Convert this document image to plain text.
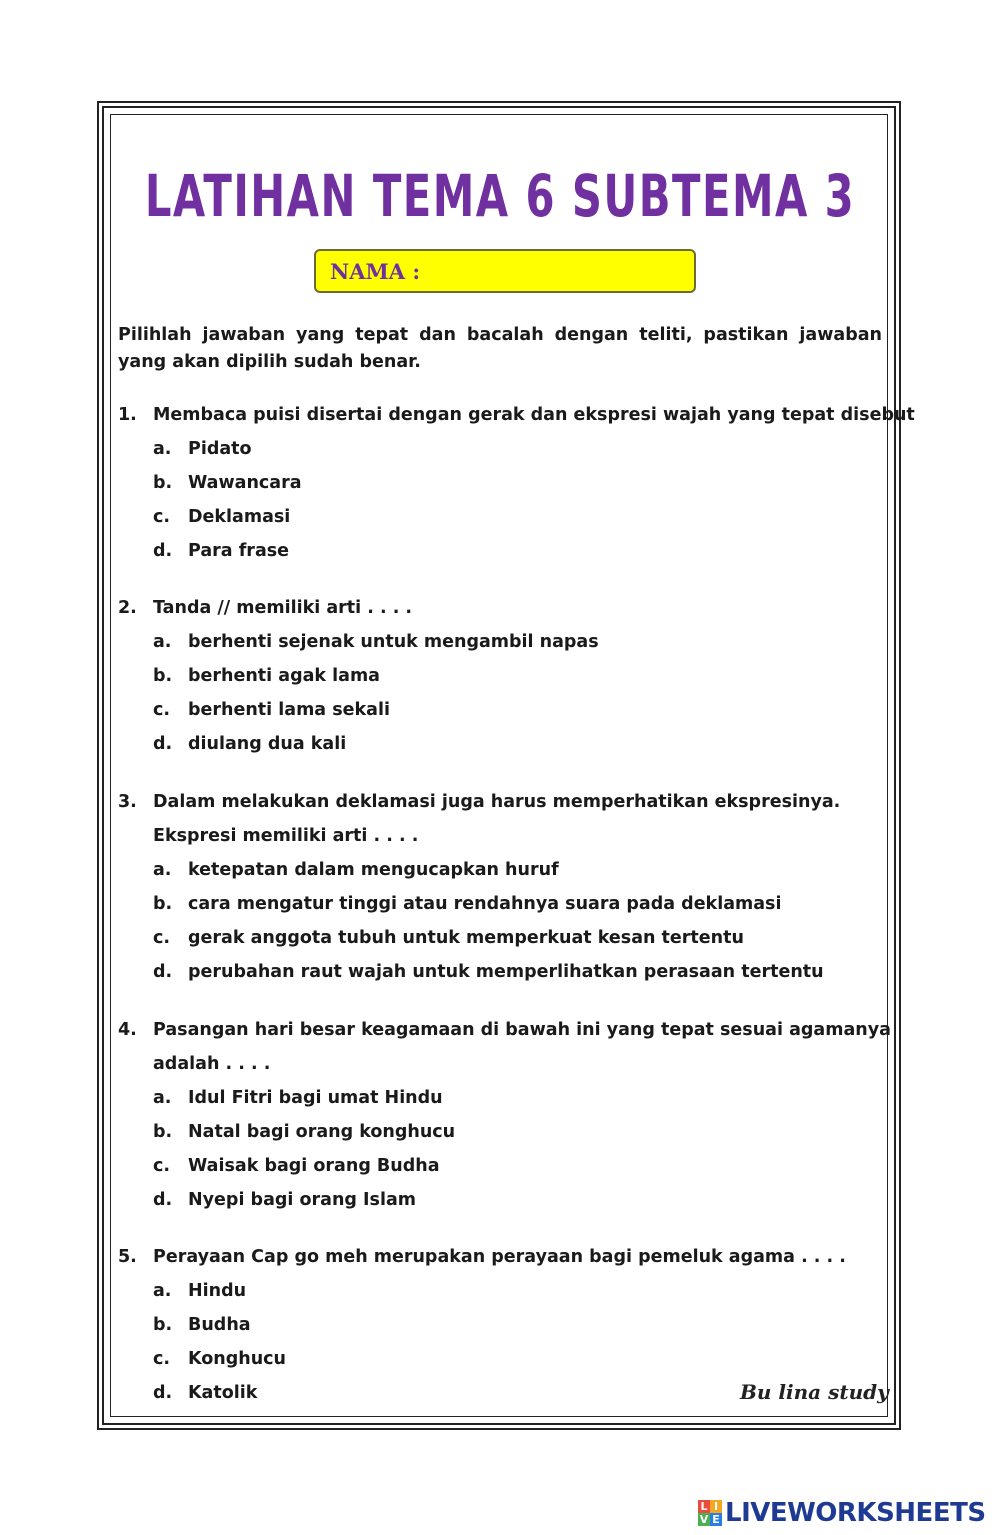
LATIHAN TEMA 6 SUBTEMA 3
NAMA :

Pilihlah jawaban yang tepat dan bacalah dengan teliti, pastikan jawaban yang akan dipilih sudah benar.

1. Membaca puisi disertai dengan gerak dan ekspresi wajah yang tepat disebut
a. Pidato
b. Wawancara
c.	Deklamasi
d. Para frase
2. Tanda // memiliki arti . . . .
a. berhenti sejenak untuk mengambil napas
b. berhenti agak lama
c.	berhenti lama sekali
d. diulang dua kali
3. Dalam melakukan deklamasi juga harus memperhatikan ekspresinya.
Ekspresi memiliki arti . . . .
a. ketepatan dalam mengucapkan huruf
b. cara mengatur tinggi atau rendahnya suara pada deklamasi
c.	gerak anggota tubuh untuk memperkuat kesan tertentu
d. perubahan raut wajah untuk memperlihatkan perasaan tertentu
4. Pasangan hari besar keagamaan di bawah ini yang tepat sesuai agamanya
adalah . . . .
a. Idul Fitri bagi umat Hindu
b. Natal bagi orang konghucu
c.	Waisak bagi orang Budha
d. Nyepi bagi orang Islam
5. Perayaan Cap go meh merupakan perayaan bagi pemeluk agama . . . .
a. Hindu
b. Budha
c.	Konghucu
d. Katolik	Bu lina study
L I
V E LIVEWORKSHEETS
